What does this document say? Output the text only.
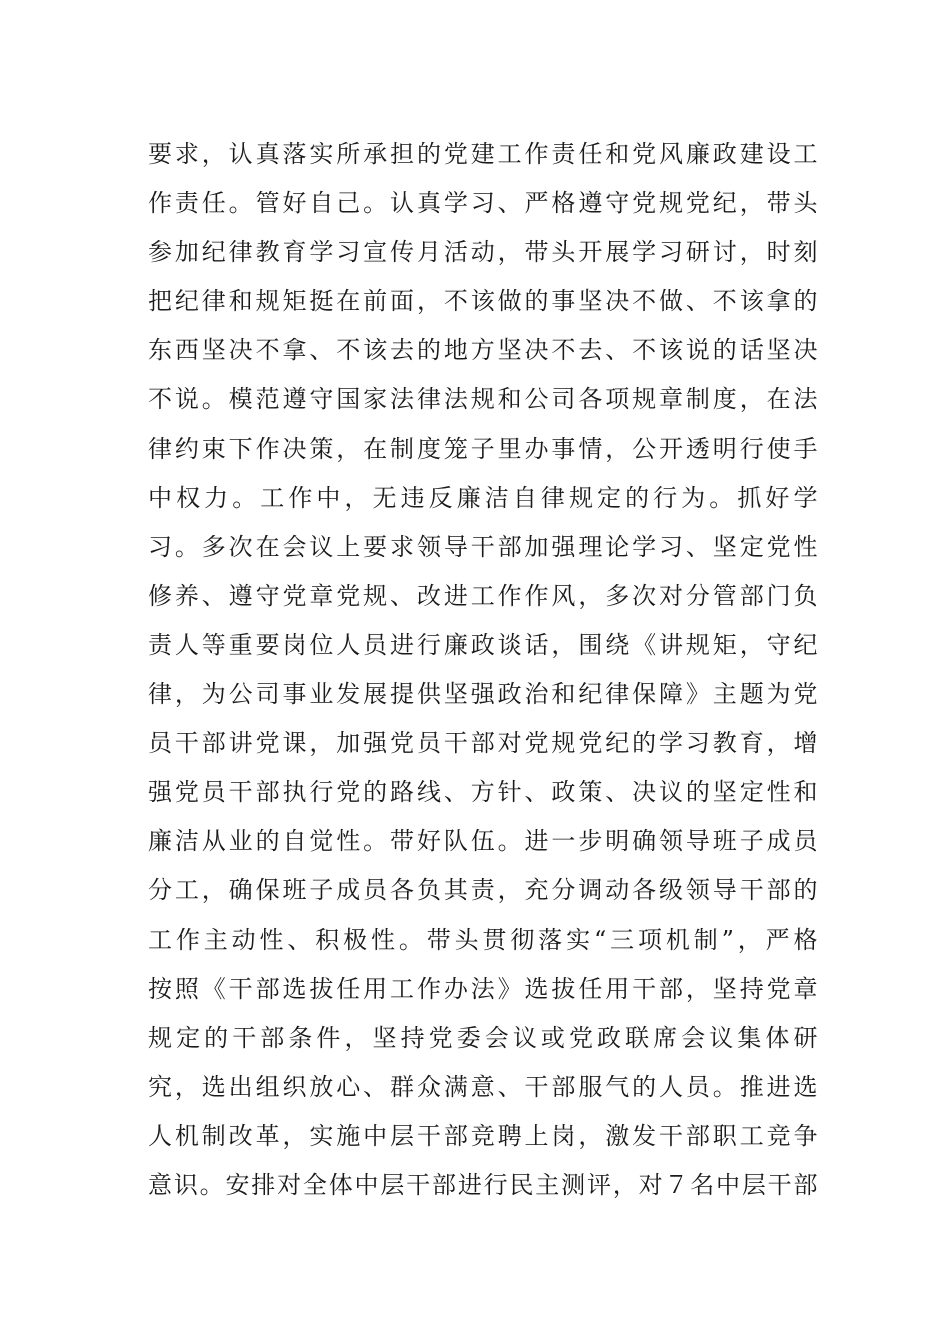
要求，认真落实所承担的党建工作责任和党风廉政建设工
作责任。管好自己。认真学习、严格遵守党规党纪，带头
参加纪律教育学习宣传月活动，带头开展学习研讨，时刻
把纪律和规矩挺在前面，不该做的事坚决不做、不该拿的
东西坚决不拿、不该去的地方坚决不去、不该说的话坚决
不说。模范遵守国家法律法规和公司各项规章制度，在法
律约束下作决策，在制度笼子里办事情，公开透明行使手
中权力。工作中，无违反廉洁自律规定的行为。抓好学
习。多次在会议上要求领导干部加强理论学习、坚定党性
修养、遵守党章党规、改进工作作风，多次对分管部门负
责人等重要岗位人员进行廉政谈话，围绕《讲规矩，守纪
律，为公司事业发展提供坚强政治和纪律保障》主题为党
员干部讲党课，加强党员干部对党规党纪的学习教育，增
强党员干部执行党的路线、方针、政策、决议的坚定性和
廉洁从业的自觉性。带好队伍。进一步明确领导班子成员
分工，确保班子成员各负其责，充分调动各级领导干部的
工作主动性、积极性。带头贯彻落实“三项机制”，严格
按照《干部选拔任用工作办法》选拔任用干部，坚持党章
规定的干部条件，坚持党委会议或党政联席会议集体研
究，选出组织放心、群众满意、干部服气的人员。推进选
人机制改革，实施中层干部竞聘上岗，激发干部职工竞争
意识。安排对全体中层干部进行民主测评，对７名中层干部
